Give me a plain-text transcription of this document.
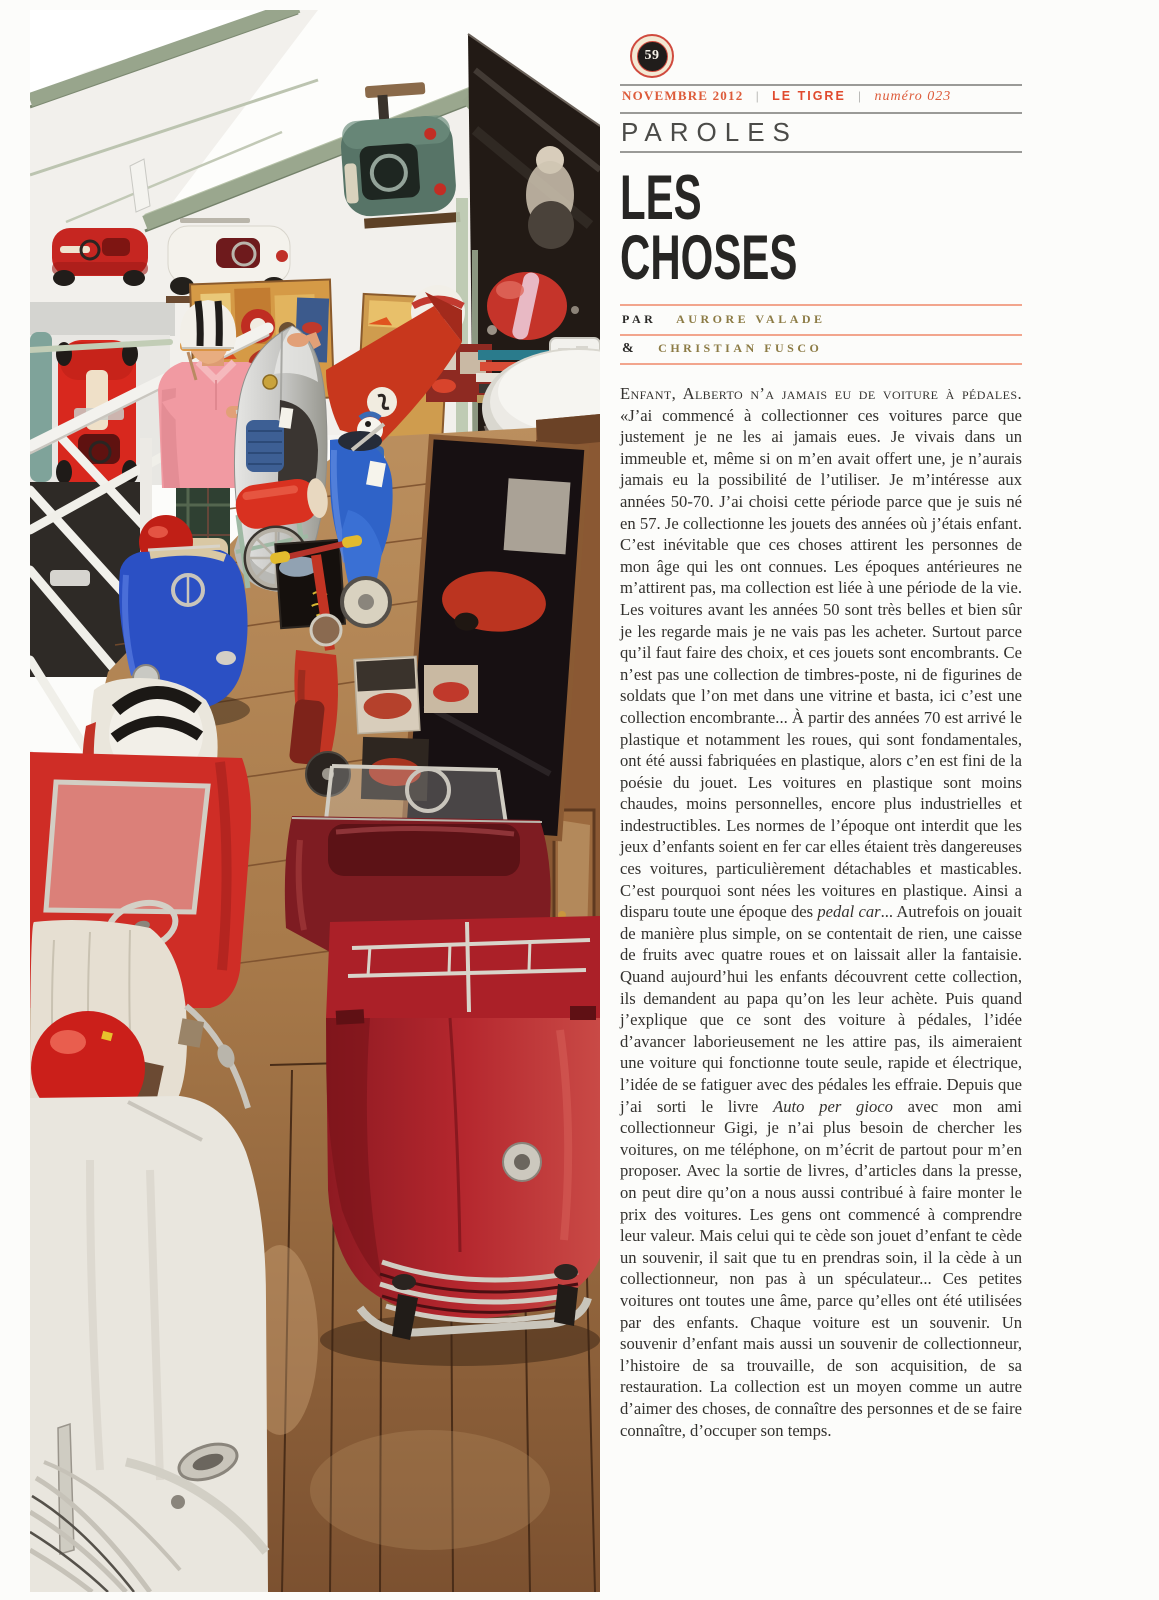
59
NOVEMBRE 2012 | LE TIGRE | numéro 023
PAROLES
LES
CHOSES
PAR AURORE VALADE
& CHRISTIAN FUSCO
Enfant, Alberto n’a jamais eu de voiture à pédales. «J’ai commencé à collectionner ces voitures parce que justement je ne les ai jamais eues. Je vivais dans un immeuble et, même si on m’en avait offert une, je n’aurais jamais eu la possibilité de l’utiliser. Je m’intéresse aux années 50-70. J’ai choisi cette période parce que je suis né en 57. Je collectionne les jouets des années où j’étais enfant. C’est inévitable que ces choses attirent les personnes de mon âge qui les ont connues. Les époques antérieures ne m’attirent pas, ma collection est liée à une période de la vie. Les voitures avant les années 50 sont très belles et bien sûr je les regarde mais je ne vais pas les acheter. Surtout parce qu’il faut faire des choix, et ces jouets sont encombrants. Ce n’est pas une collection de timbres-poste, ni de figurines de soldats que l’on met dans une vitrine et basta, ici c’est une collection encombrante... À partir des années 70 est arrivé le plastique et notamment les roues, qui sont fondamentales, ont été aussi fabriquées en plastique, alors c’en est fini de la poésie du jouet. Les voitures en plastique sont moins chaudes, moins personnelles, encore plus industrielles et indestructibles. Les normes de l’époque ont interdit que les jeux d’enfants soient en fer car elles étaient très dangereuses ces voitures, particulièrement détachables et masticables. C’est pourquoi sont nées les voitures en plastique. Ainsi a disparu toute une époque des pedal car... Autrefois on jouait de manière plus simple, on se contentait de rien, une caisse de fruits avec quatre roues et on laissait aller la fantaisie. Quand aujourd’hui les enfants découvrent cette collection, ils demandent au papa qu’on les leur achète. Puis quand j’explique que ce sont des voiture à pédales, l’idée d’avancer laborieusement ne les attire pas, ils aimeraient une voiture qui fonctionne toute seule, rapide et électrique, l’idée de se fatiguer avec des pédales les effraie. Depuis que j’ai sorti le livre Auto per gioco avec mon ami collectionneur Gigi, je n’ai plus besoin de chercher les voitures, on me téléphone, on m’écrit de partout pour m’en proposer. Avec la sortie de livres, d’articles dans la presse, on peut dire qu’on a nous aussi contribué à faire monter le prix des voitures. Les gens ont commencé à comprendre leur valeur. Mais celui qui te cède son jouet d’enfant te cède un souvenir, il sait que tu en prendras soin, il la cède à un collectionneur, non pas à un spéculateur... Ces petites voitures ont toutes une âme, parce qu’elles ont été utilisées par des enfants. Chaque voiture est un souvenir. Un souvenir d’enfant mais aussi un souvenir de collectionneur, l’histoire de sa trouvaille, de son acquisition, de sa restauration. La collection est un moyen comme un autre d’aimer des choses, de connaître des personnes et de se faire connaître, d’occuper son temps.
